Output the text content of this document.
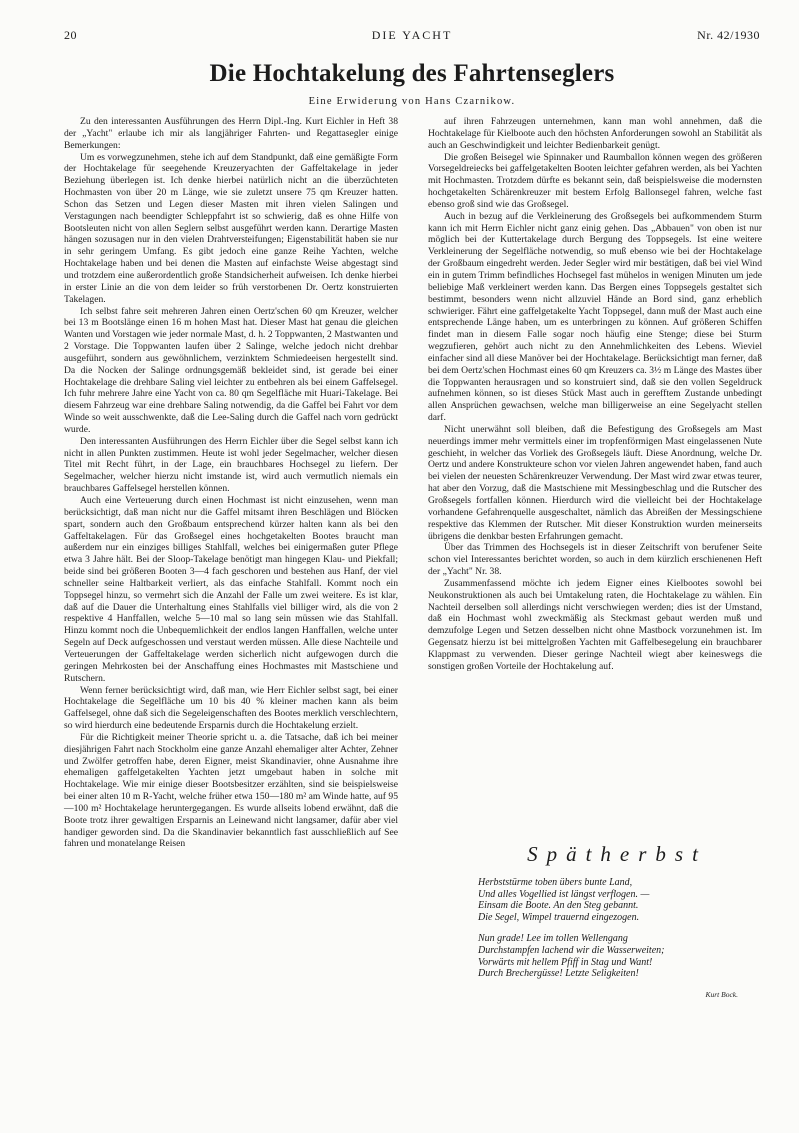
20	DIE YACHT	Nr. 42/1930
Die Hochtakelung des Fahrtenseglers
Eine Erwiderung von Hans Czarnikow.

Zu den interessanten Ausführungen des Herrn Dipl.-Ing. Kurt Eichler in Heft 38 der „Yacht" erlaube ich mir als langjähriger Fahrten- und Regattasegler einige Bemerkungen:

Um es vorwegzunehmen, stehe ich auf dem Standpunkt, daß eine gemäßigte Form der Hochtakelage für seegehende Kreuzeryachten der Gaffeltakelage in jeder Beziehung überlegen ist. Ich denke hierbei natürlich nicht an die überzüchteten Hochmasten von über 20 m Länge, wie sie zuletzt unsere 75 qm Kreuzer hatten. Schon das Setzen und Legen dieser Masten mit ihren vielen Salingen und Verstagungen nach beendigter Schleppfahrt ist so schwierig, daß es ohne Hilfe von Bootsleuten nicht von allen Seglern selbst ausgeführt werden kann. Derartige Masten hängen sozusagen nur in den vielen Drahtversteifungen; Eigenstabilität haben sie nur in sehr geringem Umfang. Es gibt jedoch eine ganze Reihe Yachten, welche Hochtakelage haben und bei denen die Masten auf einfachste Weise abgestagt sind und trotzdem eine außerordentlich große Standsicherheit aufweisen. Ich denke hierbei in erster Linie an die von dem leider so früh verstorbenen Dr. Oertz konstruierten Takelagen.

Ich selbst fahre seit mehreren Jahren einen Oertz'schen 60 qm Kreuzer, welcher bei 13 m Bootslänge einen 16 m hohen Mast hat. Dieser Mast hat genau die gleichen Wanten und Vorstagen wie jeder normale Mast, d. h. 2 Toppwanten, 2 Mastwanten und 2 Vorstage. Die Toppwanten laufen über 2 Salinge, welche jedoch nicht drehbar ausgeführt, sondern aus gewöhnlichem, verzinktem Schmiedeeisen hergestellt sind. Da die Nocken der Salinge ordnungsgemäß bekleidet sind, ist gerade bei einer Hochtakelage die drehbare Saling viel leichter zu entbehren als bei einem Gaffelsegel. Ich fuhr mehrere Jahre eine Yacht von ca. 80 qm Segelfläche mit Huari-Takelage. Bei diesem Fahrzeug war eine drehbare Saling notwendig, da die Gaffel bei Fahrt vor dem Winde so weit ausschwenkte, daß die Lee-Saling durch die Gaffel nach vorn gedrückt wurde.

Den interessanten Ausführungen des Herrn Eichler über die Segel selbst kann ich nicht in allen Punkten zustimmen. Heute ist wohl jeder Segelmacher, welcher diesen Titel mit Recht führt, in der Lage, ein brauchbares Hochsegel zu liefern. Der Segelmacher, welcher hierzu nicht imstande ist, wird auch vermutlich niemals ein brauchbares Gaffelsegel herstellen können.

Auch eine Verteuerung durch einen Hochmast ist nicht einzusehen, wenn man berücksichtigt, daß man nicht nur die Gaffel mitsamt ihren Beschlägen und Blöcken spart, sondern auch den Großbaum entsprechend kürzer halten kann als bei den Gaffeltakelagen. Für das Großsegel eines hochgetakelten Bootes braucht man außerdem nur ein einziges billiges Stahlfall, welches bei einigermaßen guter Pflege etwa 3 Jahre hält. Bei der Sloop-Takelage benötigt man hingegen Klau- und Piekfall; beide sind bei größeren Booten 3—4 fach geschoren und bestehen aus Hanf, der viel schneller seine Haltbarkeit verliert, als das einfache Stahlfall. Kommt noch ein Toppsegel hinzu, so vermehrt sich die Anzahl der Falle um zwei weitere. Es ist klar, daß auf die Dauer die Unterhaltung eines Stahlfalls viel billiger wird, als die von 2 respektive 4 Hanffallen, welche 5—10 mal so lang sein müssen wie das Stahlfall. Hinzu kommt noch die Unbequemlichkeit der endlos langen Hanffallen, welche unter Segeln auf Deck aufgeschossen und verstaut werden müssen. Alle diese Nachteile und Verteuerungen der Gaffeltakelage werden sicherlich nicht aufgewogen durch die geringen Mehrkosten bei der Anschaffung eines Hochmastes mit Mastschiene und Rutschern.

Wenn ferner berücksichtigt wird, daß man, wie Herr Eichler selbst sagt, bei einer Hochtakelage die Segelfläche um 10 bis 40 % kleiner machen kann als beim Gaffelsegel, ohne daß sich die Segeleigenschaften des Bootes merklich verschlechtern, so wird hierdurch eine bedeutende Ersparnis durch die Hochtakelung erzielt.

Für die Richtigkeit meiner Theorie spricht u. a. die Tatsache, daß ich bei meiner diesjährigen Fahrt nach Stockholm eine ganze Anzahl ehemaliger alter Achter, Zehner und Zwölfer getroffen habe, deren Eigner, meist Skandinavier, ohne Ausnahme ihre ehemaligen gaffelgetakelten Yachten jetzt umgebaut haben in solche mit Hochtakelage. Wie mir einige dieser Bootsbesitzer erzählten, sind sie beispielsweise bei einer alten 10 m R-Yacht, welche früher etwa 150—180 m² am Winde hatte, auf 95—100 m² Hochtakelage heruntergegangen. Es wurde allseits lobend erwähnt, daß die Boote trotz ihrer gewaltigen Ersparnis an Leinewand nicht langsamer, dafür aber viel handiger geworden sind. Da die Skandinavier bekanntlich fast ausschließlich auf See fahren und monatelange Reisen

auf ihren Fahrzeugen unternehmen, kann man wohl annehmen, daß die Hochtakelage für Kielboote auch den höchsten Anforderungen sowohl an Stabilität als auch an Geschwindigkeit und leichter Bedienbarkeit genügt.

Die großen Beisegel wie Spinnaker und Raumballon können wegen des größeren Vorsegeldreiecks bei gaffelgetakelten Booten leichter gefahren werden, als bei Yachten mit Hochmasten. Trotzdem dürfte es bekannt sein, daß beispielsweise die modernsten hochgetakelten Schärenkreuzer mit bestem Erfolg Ballonsegel fahren, welche fast ebenso groß sind wie das Großsegel.

Auch in bezug auf die Verkleinerung des Großsegels bei aufkommendem Sturm kann ich mit Herrn Eichler nicht ganz einig gehen. Das „Abbauen" von oben ist nur möglich bei der Kuttertakelage durch Bergung des Toppsegels. Ist eine weitere Verkleinerung der Segelfläche notwendig, so muß ebenso wie bei der Hochtakelage der Großbaum eingedreht werden. Jeder Segler wird mir bestätigen, daß bei viel Wind ein in gutem Trimm befindliches Hochsegel fast mühelos in wenigen Minuten um jede beliebige Maß verkleinert werden kann. Das Bergen eines Toppsegels gestaltet sich bestimmt, besonders wenn nicht allzuviel Hände an Bord sind, ganz erheblich schwieriger. Fährt eine gaffelgetakelte Yacht Toppsegel, dann muß der Mast auch eine entsprechende Länge haben, um es unterbringen zu können. Auf größeren Schiffen findet man in diesem Falle sogar noch häufig eine Stenge; diese bei Sturm wegzufieren, gehört auch nicht zu den Annehmlichkeiten des Lebens. Wieviel einfacher sind all diese Manöver bei der Hochtakelage. Berücksichtigt man ferner, daß bei dem Oertz'schen Hochmast eines 60 qm Kreuzers ca. 3½ m Länge des Mastes über die Toppwanten herausragen und so konstruiert sind, daß sie den vollen Segeldruck aufnehmen können, so ist dieses Stück Mast auch in gerefftem Zustande unbedingt allen Ansprüchen gewachsen, welche man billigerweise an eine Segelyacht stellen darf.

Nicht unerwähnt soll bleiben, daß die Befestigung des Großsegels am Mast neuerdings immer mehr vermittels einer im tropfenförmigen Mast eingelassenen Nute geschieht, in welcher das Vorliek des Großsegels läuft. Diese Anordnung, welche Dr. Oertz und andere Konstrukteure schon vor vielen Jahren angewendet haben, fand auch bei vielen der neuesten Schärenkreuzer Verwendung. Der Mast wird zwar etwas teurer, hat aber den Vorzug, daß die Mastschiene mit Messingbeschlag und die Rutscher des Großsegels fortfallen können. Hierdurch wird die vielleicht bei der Hochtakelage vorhandene Gefahrenquelle ausgeschaltet, nämlich das Abreißen der Messingschiene respektive das Klemmen der Rutscher. Mit dieser Konstruktion wurden meinerseits übrigens die denkbar besten Erfahrungen gemacht.

Über das Trimmen des Hochsegels ist in dieser Zeitschrift von berufener Seite schon viel Interessantes berichtet worden, so auch in dem kürzlich erschienenen Heft der „Yacht" Nr. 38.

Zusammenfassend möchte ich jedem Eigner eines Kielbootes sowohl bei Neukonstruktionen als auch bei Umtakelung raten, die Hochtakelage zu wählen. Ein Nachteil derselben soll allerdings nicht verschwiegen werden; dies ist der Umstand, daß ein Hochmast wohl zweckmäßig als Steckmast gebaut werden muß und demzufolge Legen und Setzen desselben nicht ohne Mastbock vorzunehmen ist. Im Gegensatz hierzu ist bei mittelgroßen Yachten mit Gaffelbesegelung ein brauchbarer Klappmast zu verwenden. Dieser geringe Nachteil wiegt aber keineswegs die sonstigen großen Vorteile der Hochtakelung auf.

Spätherbst
Herbststürme toben übers bunte Land,
Und alles Vogellied ist längst verflogen. —
Einsam die Boote. An den Steg gebannt.
Die Segel, Wimpel trauernd eingezogen.
Nun grade! Lee im tollen Wellengang
Durchstampfen lachend wir die Wasserweiten;
Vorwärts mit hellem Pfiff in Stag und Want!
Durch Brechergüsse! Letzte Seligkeiten!
Kurt Bock.
